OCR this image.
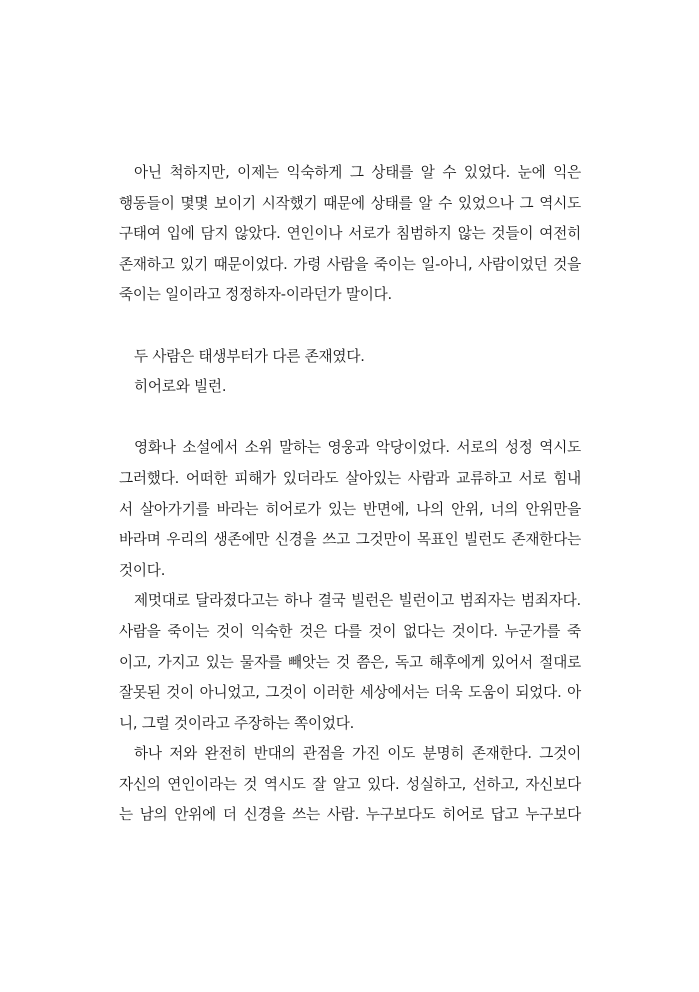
아닌 척하지만, 이제는 익숙하게 그 상태를 알 수 있었다. 눈에 익은
행동들이 몇몇 보이기 시작했기 때문에 상태를 알 수 있었으나 그 역시도
구태여 입에 담지 않았다. 연인이나 서로가 침범하지 않는 것들이 여전히
존재하고 있기 때문이었다. 가령 사람을 죽이는 일-아니, 사람이었던 것을
죽이는 일이라고 정정하자-이라던가 말이다.
두 사람은 태생부터가 다른 존재였다.
히어로와 빌런.
영화나 소설에서 소위 말하는 영웅과 악당이었다. 서로의 성정 역시도
그러했다. 어떠한 피해가 있더라도 살아있는 사람과 교류하고 서로 힘내
서 살아가기를 바라는 히어로가 있는 반면에, 나의 안위, 너의 안위만을
바라며 우리의 생존에만 신경을 쓰고 그것만이 목표인 빌런도 존재한다는
것이다.
제멋대로 달라졌다고는 하나 결국 빌런은 빌런이고 범죄자는 범죄자다.
사람을 죽이는 것이 익숙한 것은 다를 것이 없다는 것이다. 누군가를 죽
이고, 가지고 있는 물자를 빼앗는 것 쯤은, 독고 해후에게 있어서 절대로
잘못된 것이 아니었고, 그것이 이러한 세상에서는 더욱 도움이 되었다. 아
니, 그럴 것이라고 주장하는 쪽이었다.
하나 저와 완전히 반대의 관점을 가진 이도 분명히 존재한다. 그것이
자신의 연인이라는 것 역시도 잘 알고 있다. 성실하고, 선하고, 자신보다
는 남의 안위에 더 신경을 쓰는 사람. 누구보다도 히어로 답고 누구보다
